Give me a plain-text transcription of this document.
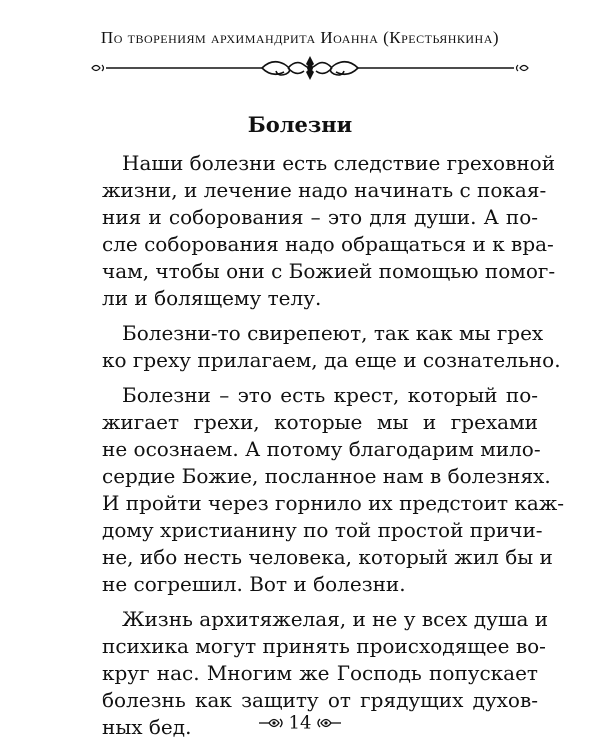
По творениям архимандрита Иоанна (Крестьянкина)
Болезни
Наши болезни есть следствие греховной
жизни, и лечение надо начинать с покая-
ния и соборования – это для души. А по-
сле соборования надо обращаться и к вра-
чам, чтобы они с Божией помощью помог-
ли и болящему телу.
Болезни-то свирепеют, так как мы грех
ко греху прилагаем, да еще и сознательно.
Болезни – это есть крест, который по-
жигает грехи, которые мы и грехами
не осознаем. А потому благодарим мило-
сердие Божие, посланное нам в болезнях.
И пройти через горнило их предстоит каж-
дому христианину по той простой причи-
не, ибо несть человека, который жил бы и
не согрешил. Вот и болезни.
Жизнь архитяжелая, и не у всех душа и
психика могут принять происходящее во-
круг нас. Многим же Господь попускает
болезнь как защиту от грядущих духов-
ных бед.	14
